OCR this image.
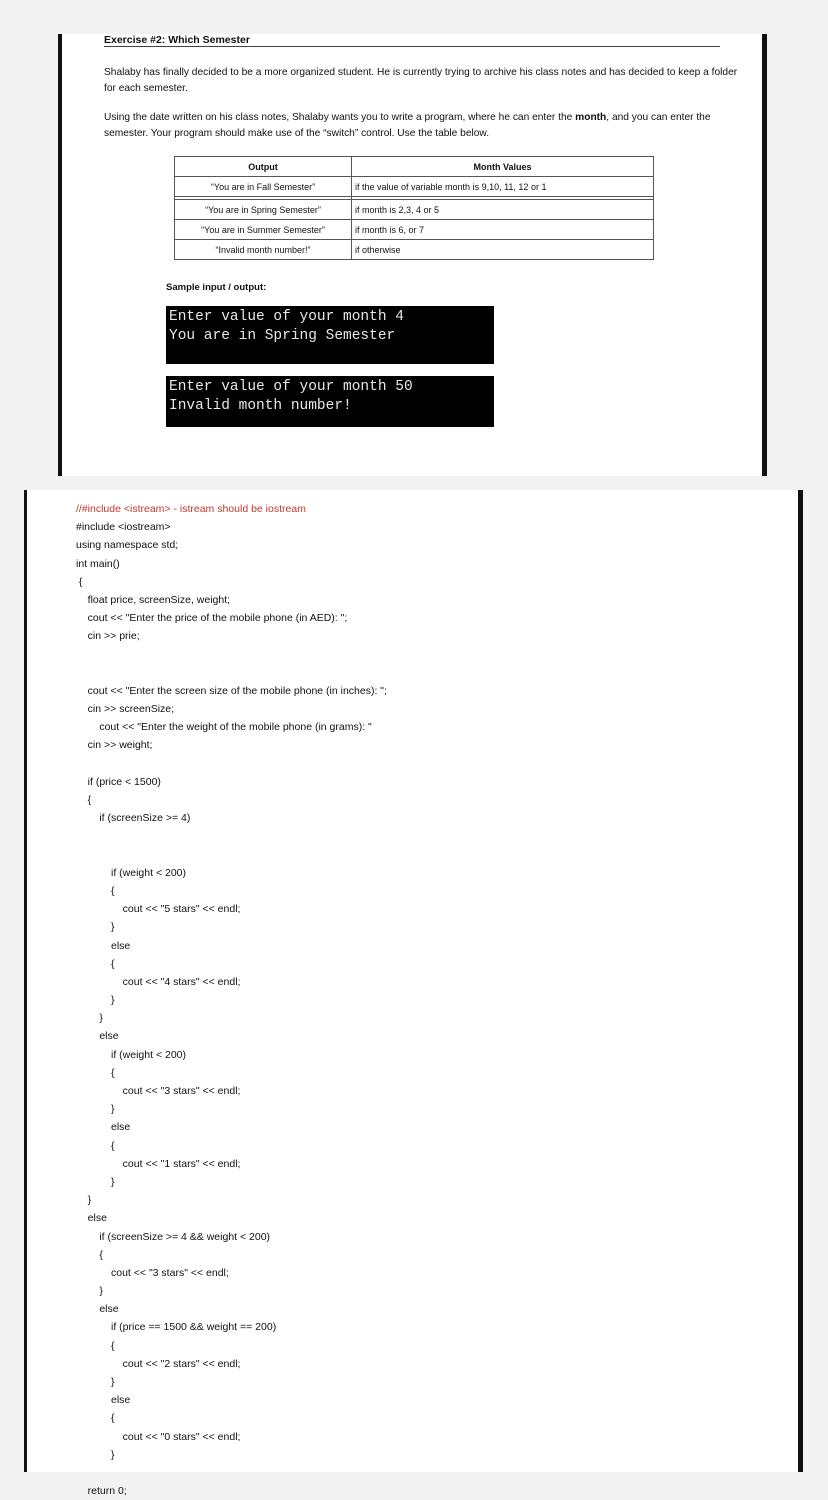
Exercise #2: Which Semester
Shalaby has finally decided to be a more organized student. He is currently trying to archive his class notes and has decided to keep a folder for each semester.
Using the date written on his class notes, Shalaby wants you to write a program, where he can enter the month, and you can enter the semester. Your program should make use of the “switch” control. Use the table below.
Output	Month Values
“You are in Fall Semester”	if the value of variable month is 9,10, 11, 12 or 1

“You are in Spring Semester”	if month is 2,3, 4 or 5
“You are in Summer Semester”	if month is 6, or 7
“Invalid month number!”	if otherwise
Sample input / output:
Enter value of your month 4
You are in Spring Semester
Enter value of your month 50
Invalid month number!
//#include <istream> - istream should be iostream
#include <iostream>
using namespace std;
int main()
{
float price, screenSize, weight;
cout << "Enter the price of the mobile phone (in AED): ";
cin >> prie;
cout << "Enter the screen size of the mobile phone (in inches): ";
cin >> screenSize;
cout << "Enter the weight of the mobile phone (in grams): "
cin >> weight;
if (price < 1500)
{
if (screenSize >= 4)
if (weight < 200)
{
cout << "5 stars" << endl;
}
else
{
cout << "4 stars" << endl;
}
}
else
if (weight < 200)
{
cout << "3 stars" << endl;
}
else
{
cout << "1 stars" << endl;
}
}
else
if (screenSize >= 4 && weight < 200)
{
cout << "3 stars" << endl;
}
else
if (price == 1500 && weight == 200)
{
cout << "2 stars" << endl;
}
else
{
cout << "0 stars" << endl;
}
return 0;
